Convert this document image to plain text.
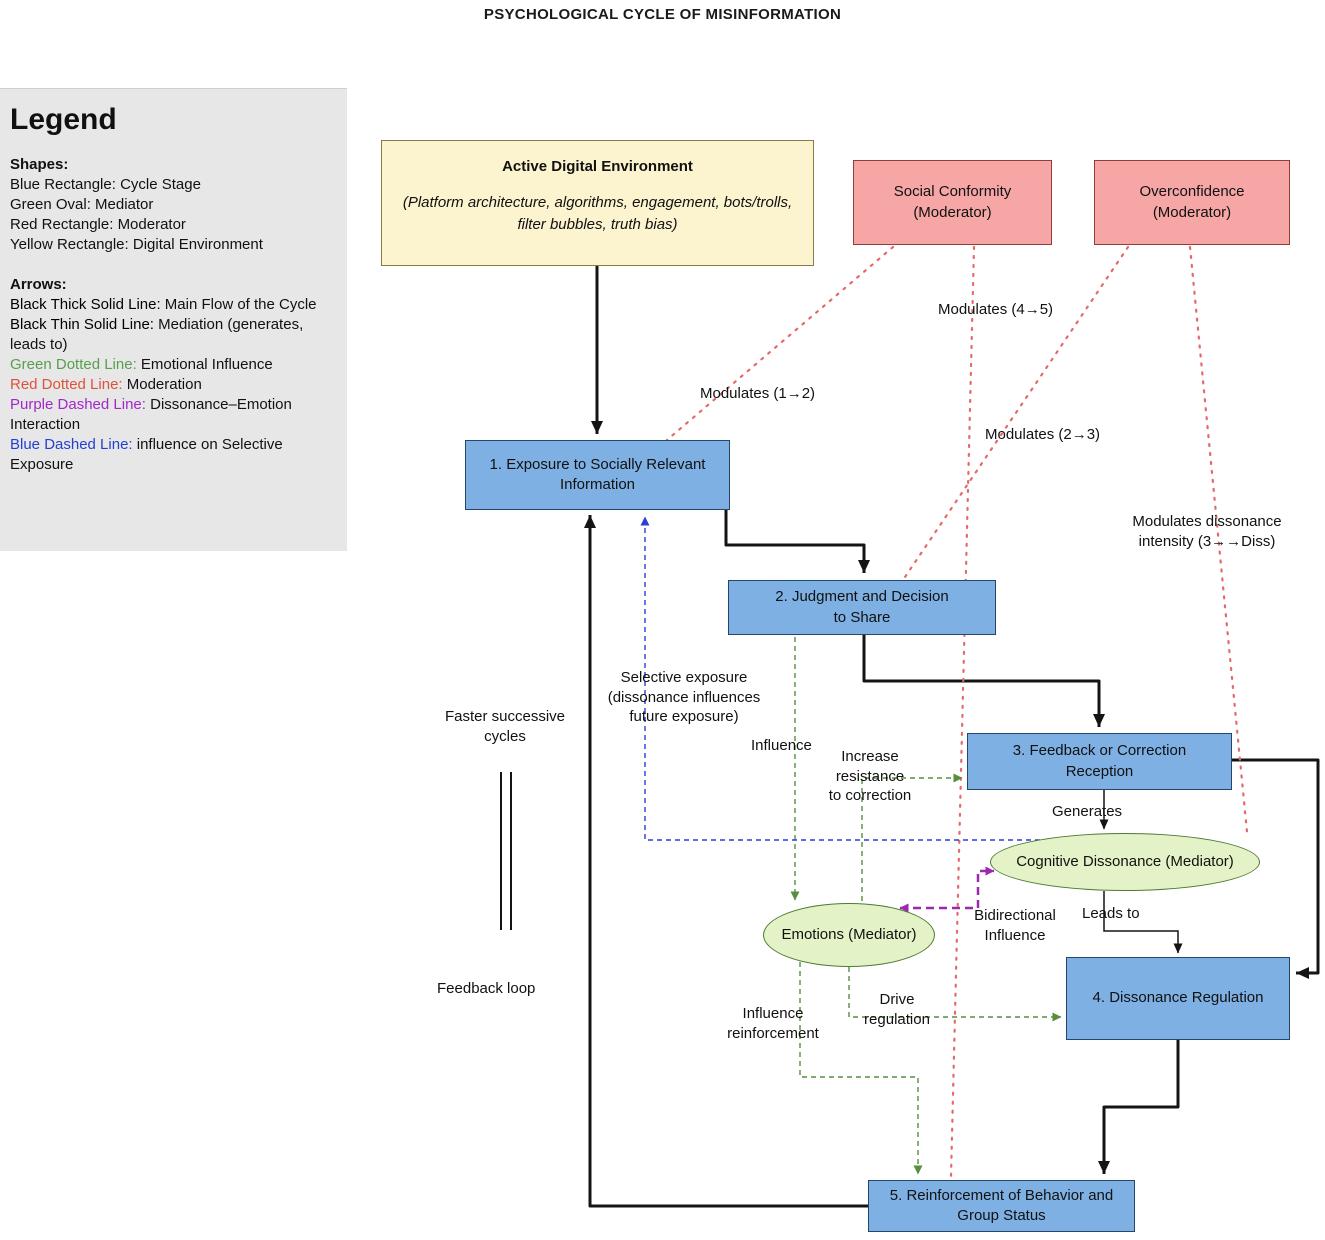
PSYCHOLOGICAL CYCLE OF MISINFORMATION
Legend
Shapes:
Blue Rectangle: Cycle Stage
Green Oval: Mediator
Red Rectangle: Moderator
Yellow Rectangle: Digital Environment
Arrows:
Black Thick Solid Line: Main Flow of the Cycle
Black Thin Solid Line: Mediation (generates, leads to)
Green Dotted Line: Emotional Influence
Red Dotted Line: Moderation
Purple Dashed Line: Dissonance–Emotion Interaction
Blue Dashed Line: influence on Selective Exposure
Active Digital Environment
(Platform architecture, algorithms, engagement, bots/trolls, filter bubbles, truth bias)
Social Conformity (Moderator)
Overconfidence (Moderator)
1. Exposure to Socially Relevant Information
2. Judgment and Decision to Share
3. Feedback or Correction Reception
Cognitive Dissonance (Mediator)
Emotions (Mediator)
4. Dissonance Regulation
5. Reinforcement of Behavior and Group Status
Modulates (1→2)
Modulates (4→5)
Modulates (2→3)
Modulates dissonance intensity (3→→Diss)
Selective exposure (dissonance influences future exposure)
Influence
Increase resistance to correction
Generates
Leads to
Bidirectional Influence
Drive regulation
Influence reinforcement
Faster successive cycles
Feedback loop
